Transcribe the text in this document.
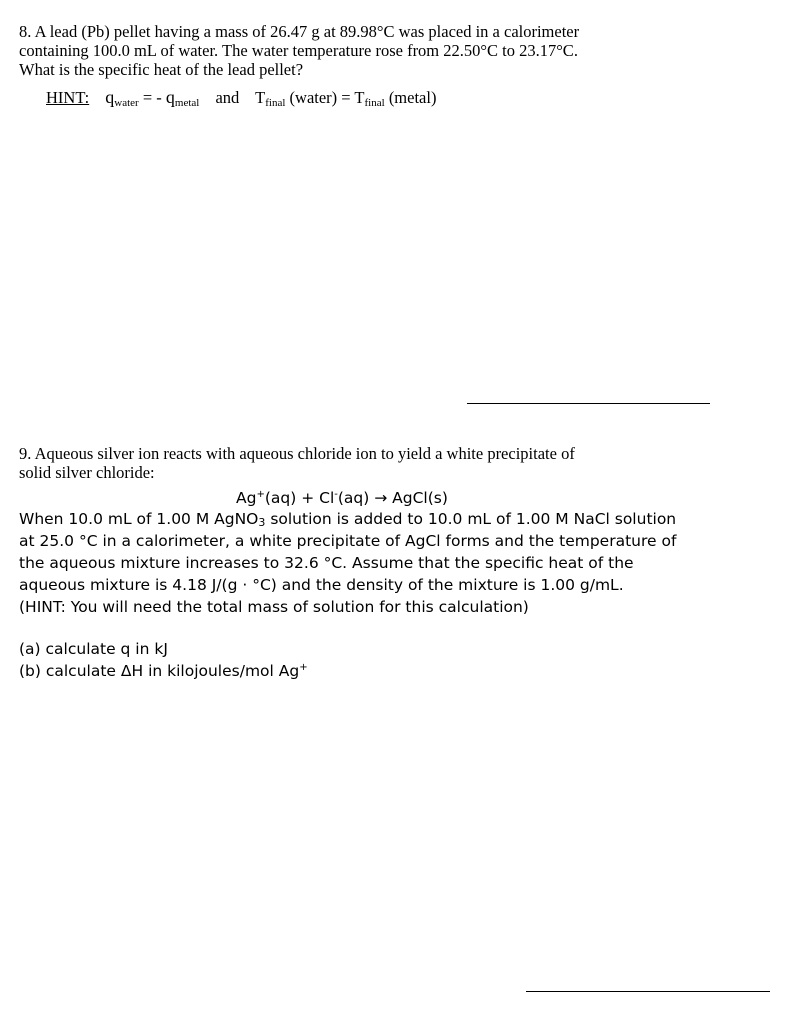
8. A lead (Pb) pellet having a mass of 26.47 g at 89.98°C was placed in a calorimeter

containing 100.0 mL of water. The water temperature rose from 22.50°C to 23.17°C.

What is the specific heat of the lead pellet?

HINT: $q_{water}$ = - $q_{metal}$ and $T_{final}$ (water) = $T_{final}$ (metal)

9. Aqueous silver ion reacts with aqueous chloride ion to yield a white precipitate of

solid silver chloride:

Ag+(aq) + Cl-(aq) → AgCl(s)

When 10.0 mL of 1.00 M AgNO$_3$ solution is added to 10.0 mL of 1.00 M NaCl solution

at 25.0 °C in a calorimeter, a white precipitate of AgCl forms and the temperature of

the aqueous mixture increases to 32.6 °C. Assume that the specific heat of the

aqueous mixture is 4.18 J/(g · °C) and the density of the mixture is 1.00 g/mL.

(HINT: You will need the total mass of solution for this calculation)

(a) calculate q in kJ

(b) calculate ΔH in kilojoules/mol Ag+
